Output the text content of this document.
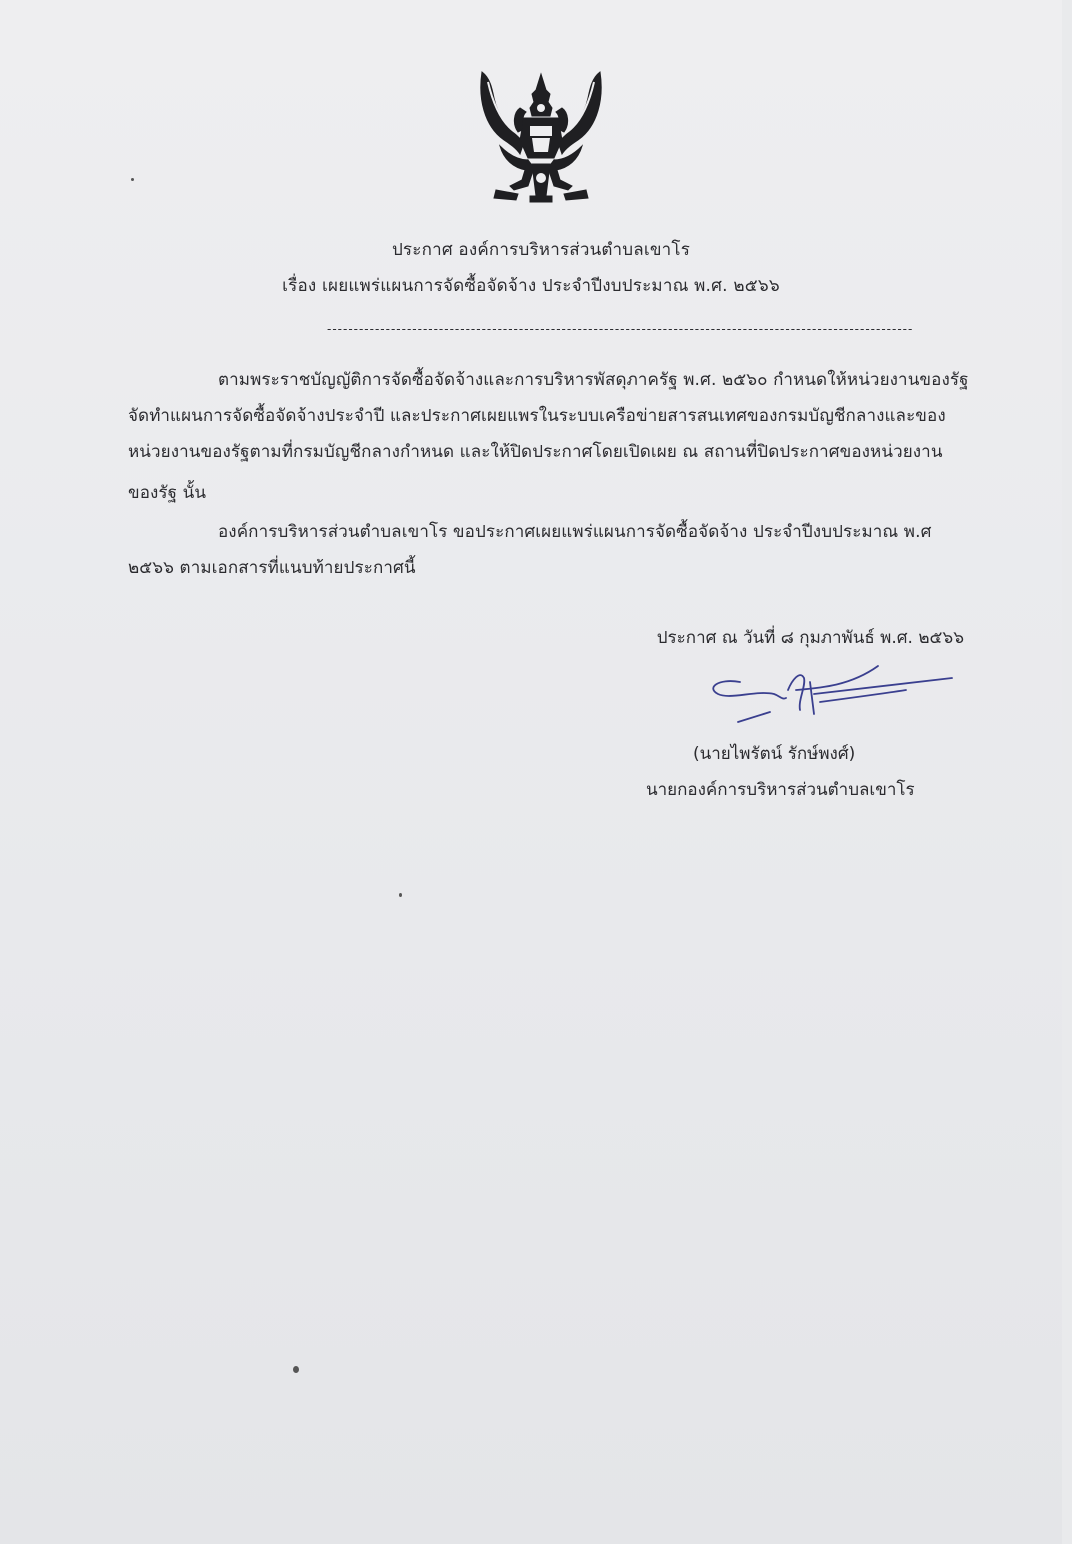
ประกาศ องค์การบริหารส่วนตำบลเขาโร
เรื่อง เผยแพร่แผนการจัดซื้อจัดจ้าง ประจำปีงบประมาณ พ.ศ. ๒๕๖๖
--------------------------------------------------------------------------------------------------------------
ตามพระราชบัญญัติการจัดซื้อจัดจ้างและการบริหารพัสดุภาครัฐ พ.ศ. ๒๕๖๐ กำหนดให้หน่วยงานของรัฐ
จัดทำแผนการจัดซื้อจัดจ้างประจำปี และประกาศเผยแพรในระบบเครือข่ายสารสนเทศของกรมบัญชีกลางและของ
หน่วยงานของรัฐตามที่กรมบัญชีกลางกำหนด และให้ปิดประกาศโดยเปิดเผย ณ สถานที่ปิดประกาศของหน่วยงาน
ของรัฐ นั้น
องค์การบริหารส่วนตำบลเขาโร ขอประกาศเผยแพร่แผนการจัดซื้อจัดจ้าง ประจำปีงบประมาณ พ.ศ
๒๕๖๖ ตามเอกสารที่แนบท้ายประกาศนี้
ประกาศ ณ วันที่ ๘ กุมภาพันธ์ พ.ศ. ๒๕๖๖
(นายไพรัตน์ รักษ์พงศ์)
นายกองค์การบริหารส่วนตำบลเขาโร
